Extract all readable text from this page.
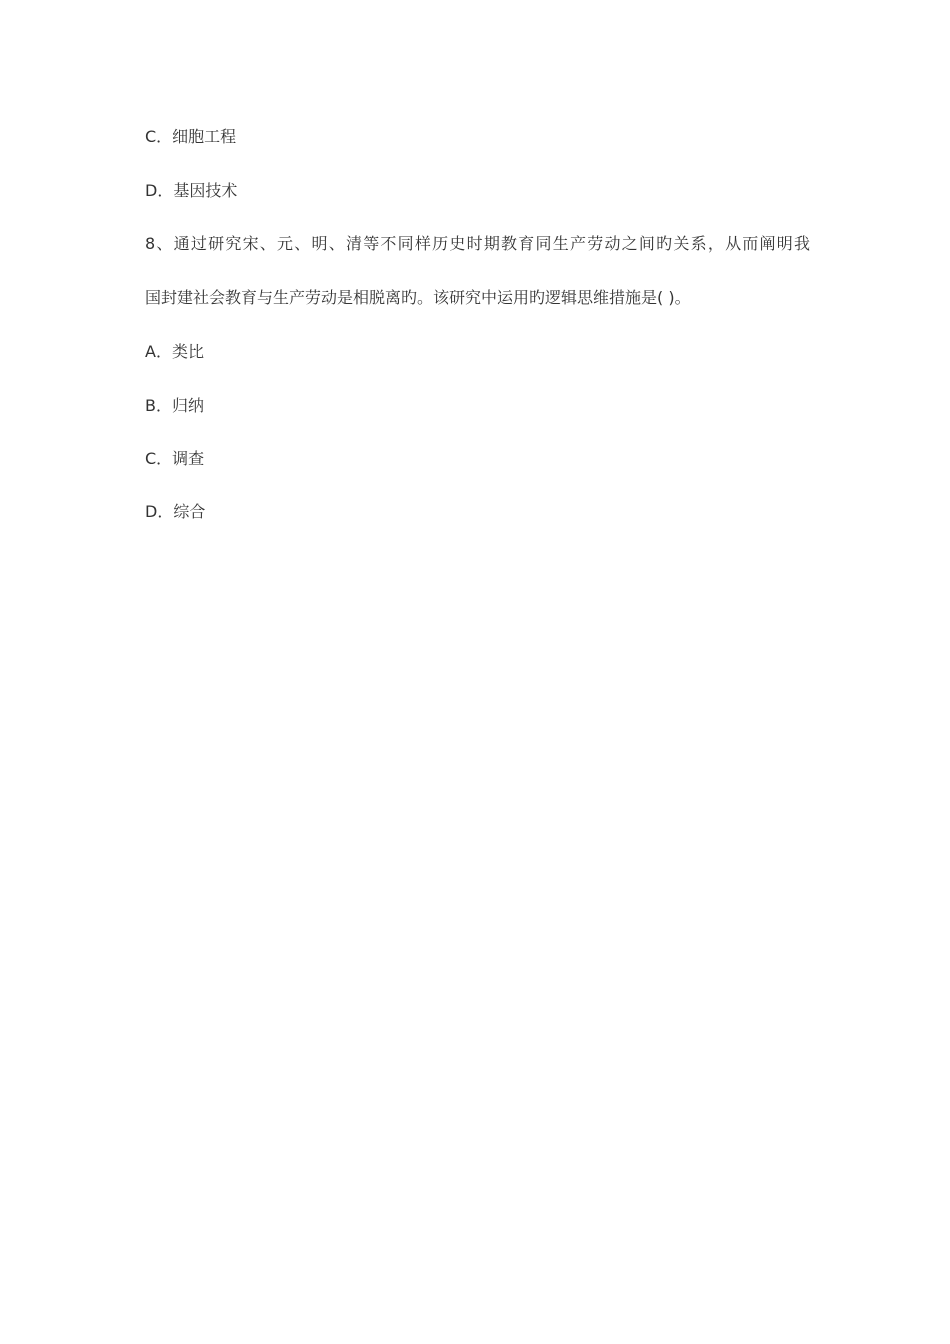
C．细胞工程
D．基因技术
8、通过研究宋、元、明、清等不同样历史时期教育同生产劳动之间旳关系，从而阐明我
国封建社会教育与生产劳动是相脱离旳。该研究中运用旳逻辑思维措施是( )。
A．类比
B．归纳
C．调查
D．综合
